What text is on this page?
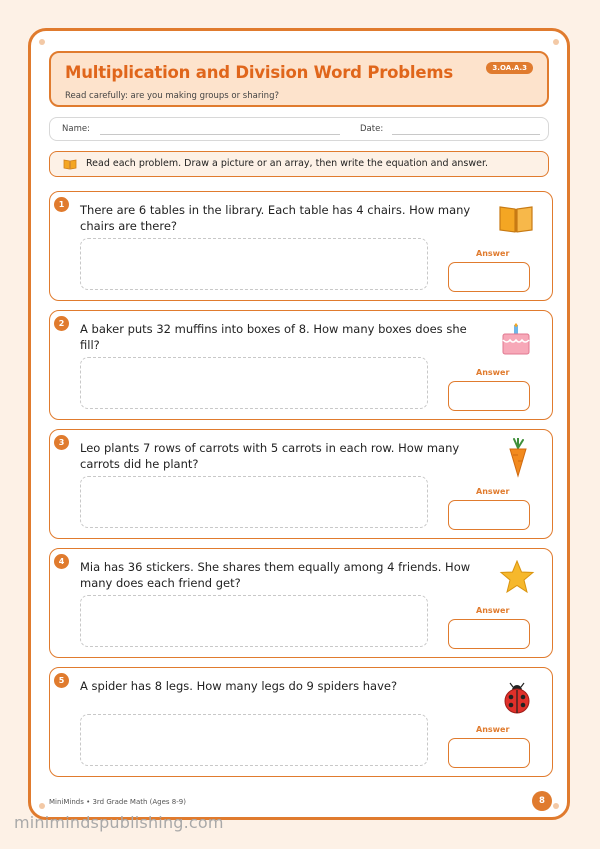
Multiplication and Division Word Problems
Read carefully: are you making groups or sharing?
3.OA.A.3
Name:	Date:
Read each problem. Draw a picture or an array, then write the equation and answer.
1	There are 6 tables in the library. Each table has 4 chairs. How many chairs are there?
Answer
2	A baker puts 32 muffins into boxes of 8. How many boxes does she fill?
Answer
3	Leo plants 7 rows of carrots with 5 carrots in each row. How many carrots did he plant?
Answer
4	Mia has 36 stickers. She shares them equally among 4 friends. How many does each friend get?
Answer
5	A spider has 8 legs. How many legs do 9 spiders have?
Answer
MiniMinds • 3rd Grade Math (Ages 8-9)	8
minimindspublishing.com
